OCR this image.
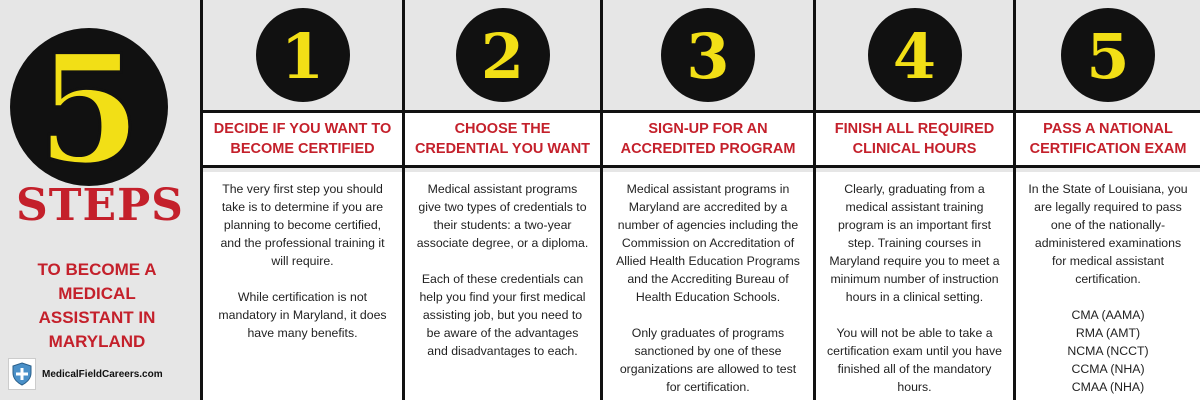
5
STEPS
TO BECOME A MEDICAL ASSISTANT IN MARYLAND
MedicalFieldCareers.com
1
DECIDE IF YOU WANT TO BECOME CERTIFIED

The very first step you should take is to determine if you are planning to become certified, and the professional training it will require.

While certification is not mandatory in Maryland, it does have many benefits.

2
CHOOSE THE CREDENTIAL YOU WANT

Medical assistant programs give two types of credentials to their students: a two-year associate degree, or a diploma.

Each of these credentials can help you find your first medical assisting job, but you need to be aware of the advantages and disadvantages to each.

3
SIGN-UP FOR AN ACCREDITED PROGRAM

Medical assistant programs in Maryland are accredited by a number of agencies including the Commission on Accreditation of Allied Health Education Programs and the Accrediting Bureau of Health Education Schools.

Only graduates of programs sanctioned by one of these organizations are allowed to test for certification.

4
FINISH ALL REQUIRED CLINICAL HOURS

Clearly, graduating from a medical assistant training program is an important first step. Training courses in Maryland require you to meet a minimum number of instruction hours in a clinical setting.

You will not be able to take a certification exam until you have finished all of the mandatory hours.

5
PASS A NATIONAL CERTIFICATION EXAM

In the State of Louisiana, you are legally required to pass one of the nationally-administered examinations for medical assistant certification.

CMA (AAMA)
RMA (AMT)
NCMA (NCCT)
CCMA (NHA)
CMAA (NHA)
